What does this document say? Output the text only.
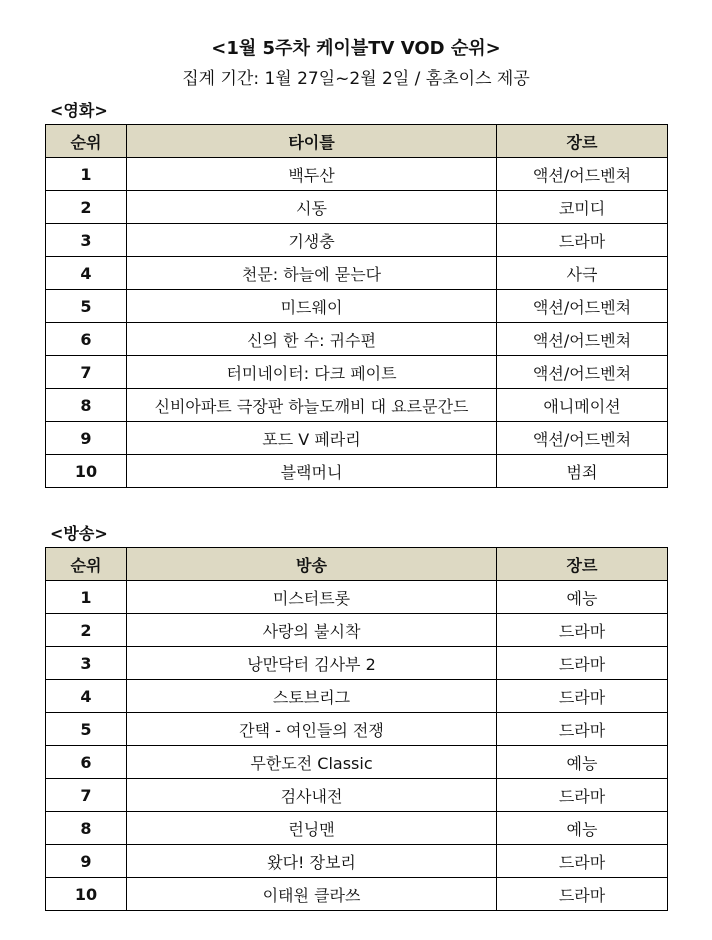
<1월 5주차 케이블TV VOD 순위>
집계 기간: 1월 27일~2월 2일 / 홈초이스 제공
<영화>
순위	타이틀	장르
1	백두산	액션/어드벤쳐
2	시동	코미디
3	기생충	드라마
4	천문: 하늘에 묻는다	사극
5	미드웨이	액션/어드벤쳐
6	신의 한 수: 귀수편	액션/어드벤쳐
7	터미네이터: 다크 페이트	액션/어드벤쳐
8	신비아파트 극장판 하늘도깨비 대 요르문간드	애니메이션
9	포드 V 페라리	액션/어드벤쳐
10	블랙머니	범죄
<방송>
순위	방송	장르
1	미스터트롯	예능
2	사랑의 불시착	드라마
3	낭만닥터 김사부 2	드라마
4	스토브리그	드라마
5	간택 - 여인들의 전쟁	드라마
6	무한도전 Classic	예능
7	검사내전	드라마
8	런닝맨	예능
9	왔다! 장보리	드라마
10	이태원 클라쓰	드라마
